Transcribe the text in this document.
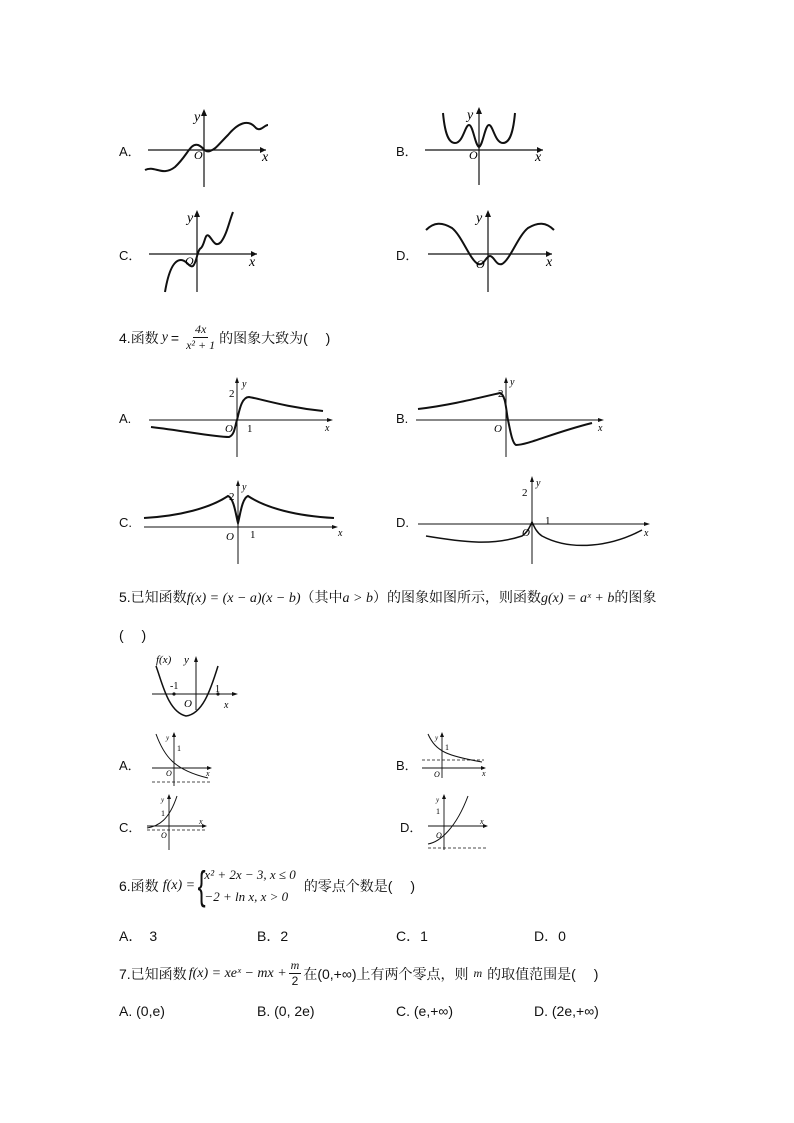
A．
y
x
O	B．
y
x
O
C．
y
x
O	D．
y
x
O
4. 函数 $y = \frac{4x}{\text{x² + 1}}$ 的图象大致为(　 )
A.
y
2
1
O	x
B.
y
2
O	x
C.
y
2
1
O	x
D.
y
2
1
O	x
5.已知函数f(x) = (x − a)(x − b)（其中a > b）的图象如图所示，则函数g(x) = aˣ + b的图象
(　 )
f(x) y
-1	1
O	x
A．
y
1
O	x
B．
y
1
O	x
C．
y
1
O
x	D．
y
1
O
x
6.函数 f(x) = {
x² + 2x − 3, x ≤ 0
−2 + ln x, x > 0
的零点个数是(　 )
A．　3	B．2	C．1	D．0
7.已知函数 f(x) = xeˣ − mx + $\frac{m}{2}$ 在 (0,+∞) 上有两个零点，则 m 的取值范围是(　 )
A. (0,e)	B. (0, 2e)	C. (e,+∞)	D. (2e,+∞)
